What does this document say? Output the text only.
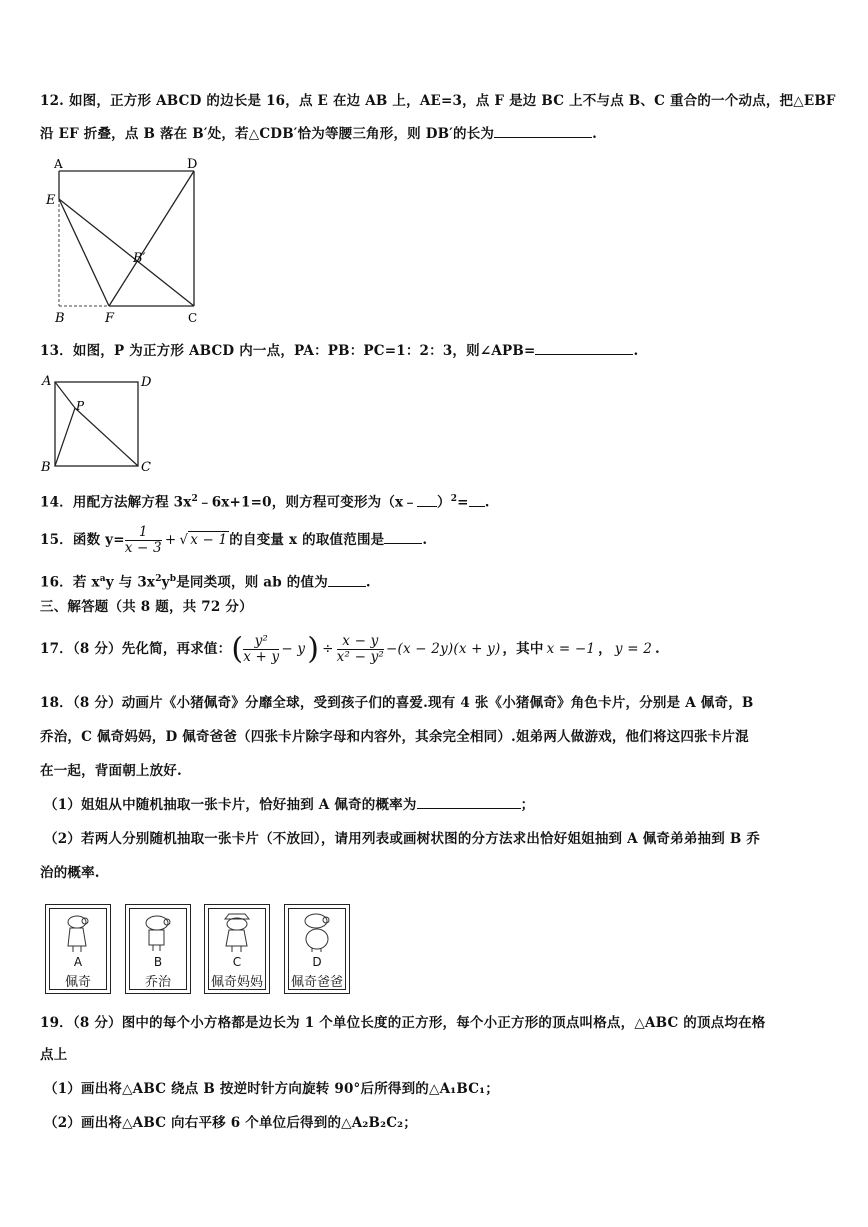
12. 如图，正方形 ABCD 的边长是 16，点 E 在边 AB 上，AE=3，点 F 是边 BC 上不与点 B、C 重合的一个动点，把△EBF
沿 EF 折叠，点 B 落在 B′处，若△CDB′恰为等腰三角形，则 DB′的长为	.
A	D
E
B′
B	F	C
13．如图，P 为正方形 ABCD 内一点，PA：PB：PC=1：2：3，则∠APB=	.
A	D
P
B	C
14．用配方法解方程 $3x^2﹣6x+1=0$，则方程可变形为（x﹣ ）$^2$= .
15．函数 $y= \frac{1}{x - 3}$ + √ x − 1 的自变量 x 的取值范围是	.
16．若 $x^ay$ 与 $3x^2y^b$是同类项，则 ab 的值为	.
三、解答题（共 8 题，共 72 分）
17．（8 分）先化简，再求值：( $\frac{\text{y²}}{x + y} - y) \div \frac{x - y}{\text{x² − y²}} -(x - 2y)(x + y)$ ，其中 x = −1 ， y = 2 .
18．（8 分）动画片《小猪佩奇》分靡全球，受到孩子们的喜爱.现有 4 张《小猪佩奇》角色卡片，分别是 A 佩奇，B
乔治，C 佩奇妈妈，D 佩奇爸爸（四张卡片除字母和内容外，其余完全相同）.姐弟两人做游戏，他们将这四张卡片混
在一起，背面朝上放好.
（1）姐姐从中随机抽取一张卡片，恰好抽到 A 佩奇的概率为	；
（2）若两人分别随机抽取一张卡片（不放回），请用列表或画树状图的分方法求出恰好姐姐抽到 A 佩奇弟弟抽到 B 乔
治的概率.
A
佩奇
B
乔治
C
佩奇妈妈
D
佩奇爸爸
19．（8 分）图中的每个小方格都是边长为 1 个单位长度的正方形，每个小正方形的顶点叫格点，△ABC 的顶点均在格
点上
（1）画出将△ABC 绕点 B 按逆时针方向旋转 90°后所得到的△A₁BC₁；
（2）画出将△ABC 向右平移 6 个单位后得到的△A₂B₂C₂；
